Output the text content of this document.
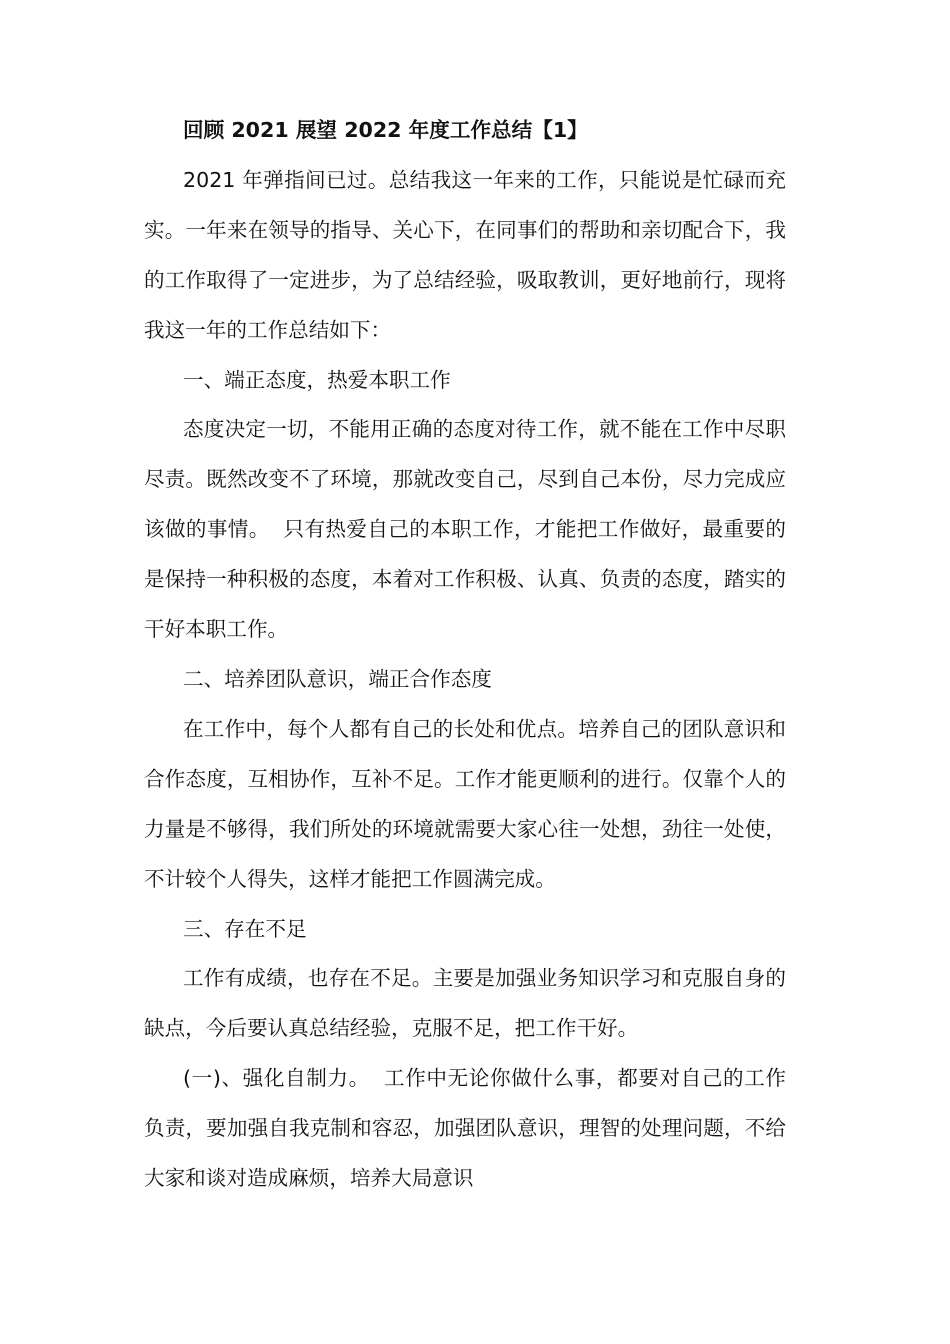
回顾 2021 展望 2022 年度工作总结【1】

2021 年弹指间已过。总结我这一年来的工作，只能说是忙碌而充实。一年来在领导的指导、关心下，在同事们的帮助和亲切配合下，我的工作取得了一定进步，为了总结经验，吸取教训，更好地前行，现将我这一年的工作总结如下：

一、端正态度，热爱本职工作

态度决定一切，不能用正确的态度对待工作，就不能在工作中尽职尽责。既然改变不了环境，那就改变自己，尽到自己本份，尽力完成应该做的事情。  只有热爱自己的本职工作，才能把工作做好，最重要的是保持一种积极的态度，本着对工作积极、认真、负责的态度，踏实的干好本职工作。

二、培养团队意识，端正合作态度

在工作中，每个人都有自己的长处和优点。培养自己的团队意识和合作态度，互相协作，互补不足。工作才能更顺利的进行。仅靠个人的力量是不够得，我们所处的环境就需要大家心往一处想，劲往一处使，不计较个人得失，这样才能把工作圆满完成。

三、存在不足

工作有成绩，也存在不足。主要是加强业务知识学习和克服自身的缺点，今后要认真总结经验，克服不足，把工作干好。

(一)、强化自制力。  工作中无论你做什么事，都要对自己的工作负责，要加强自我克制和容忍，加强团队意识，理智的处理问题，不给大家和谈对造成麻烦，培养大局意识
